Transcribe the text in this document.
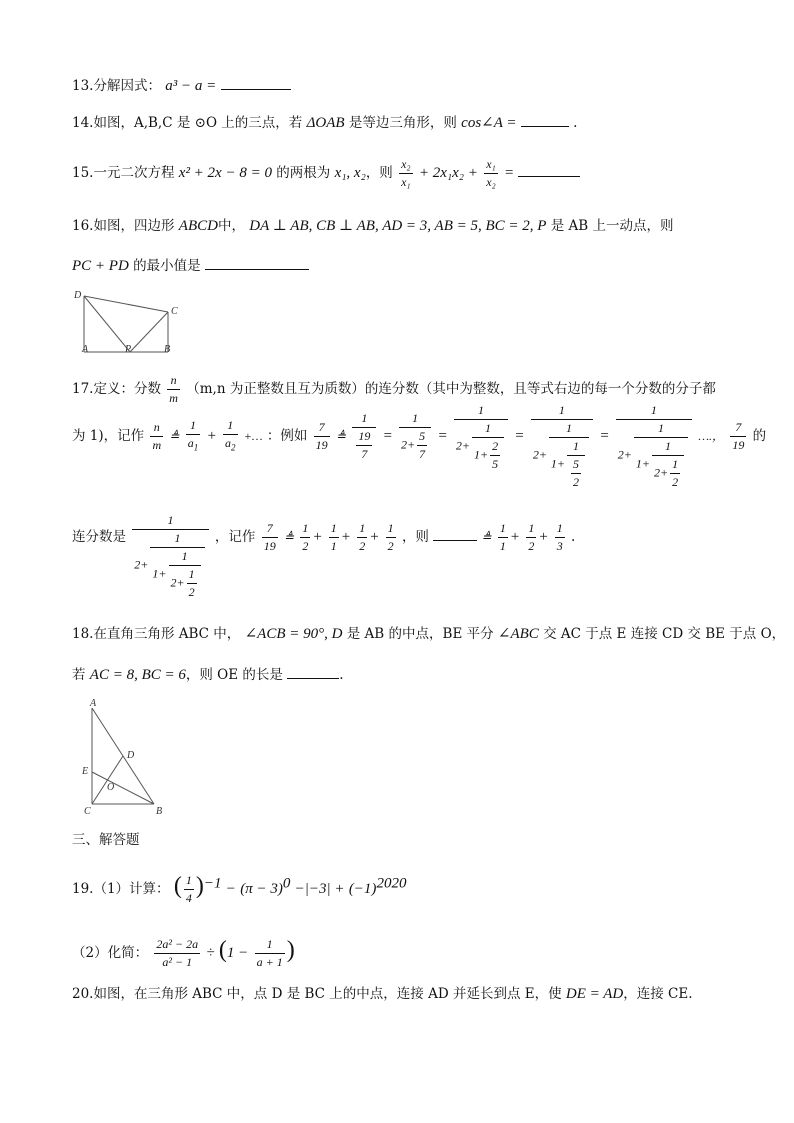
13.分解因式： a³ − a =
14.如图，A,B,C 是 ⊙O 上的三点，若 ΔOAB 是等边三角形，则 cos∠A =	.
15.一元二次方程 x² + 2x − 8 = 0 的两根为 x₁, x₂，则 $\frac{\text{x₂}}{\text{x₁}} + 2x_1x_2 + \frac{\text{x₁}}{\text{x₂}}$ =
16.如图，四边形 ABCD中， DA ⊥ AB, CB ⊥ AB, AD = 3, AB = 5, BC = 2, P 是 AB 上一动点，则
PC + PD 的最小值是
D
C
A	P	B
17.定义：分数 $\frac{n}{m} (m,n$ 为正整数且互为质数）的连分数（其中为整数，且等式右边的每一个分数的分子都
为 1)，记作 $\frac{n}{m}$ ≜ $\frac{1}{a_1} + \frac{1}{a_2}$ +… ：例如 $\frac{7}{19}$ ≜ $\frac{1}{\frac{19}{7}} = \frac{1}{2+ \frac{5}{7}} = \frac{1}{2+ \frac{1}{1+ \frac{2}{5}}} = \frac{1}{2+ \frac{1}{1+ \frac{1}{\frac{5}{2}}}} = \frac{1}{2+ \frac{1}{1+ \frac{1}{2+ \frac{1}{2}}}}$ ….， $\frac{7}{19}$ 的
连分数是 $\frac{1}{2+ \frac{1}{1+ \frac{1}{2+ \frac{1}{2}}}}$ ，记作 $\frac{7}{19}$ ≜ $\frac{1}{2} + \frac{1}{1} + \frac{1}{2} + \frac{1}{2}$ ，则	≜ $\frac{1}{1} + \frac{1}{2} + \frac{1}{3}$ .
18.在直角三角形 ABC 中， ∠ACB = 90°, D 是 AB 的中点，BE 平分 ∠ABC 交 AC 于点 E 连接 CD 交 BE 于点 O，
若 AC = 8, BC = 6，则 OE 的长是	.
A
D
E
O
C	B
三、解答题
19.（1）计算： ( $\frac{1}{4} )^{-1} - (\pi - 3)^0 -|-3| + (-1)^{2020}$
（2）化简： $\frac{\text{2a² − 2a}}{\text{a² − 1}} \div (1 - \frac{1}{a + 1}$ )
20.如图，在三角形 ABC 中，点 D 是 BC 上的中点，连接 AD 并延长到点 E，使 DE = AD，连接 CE.
